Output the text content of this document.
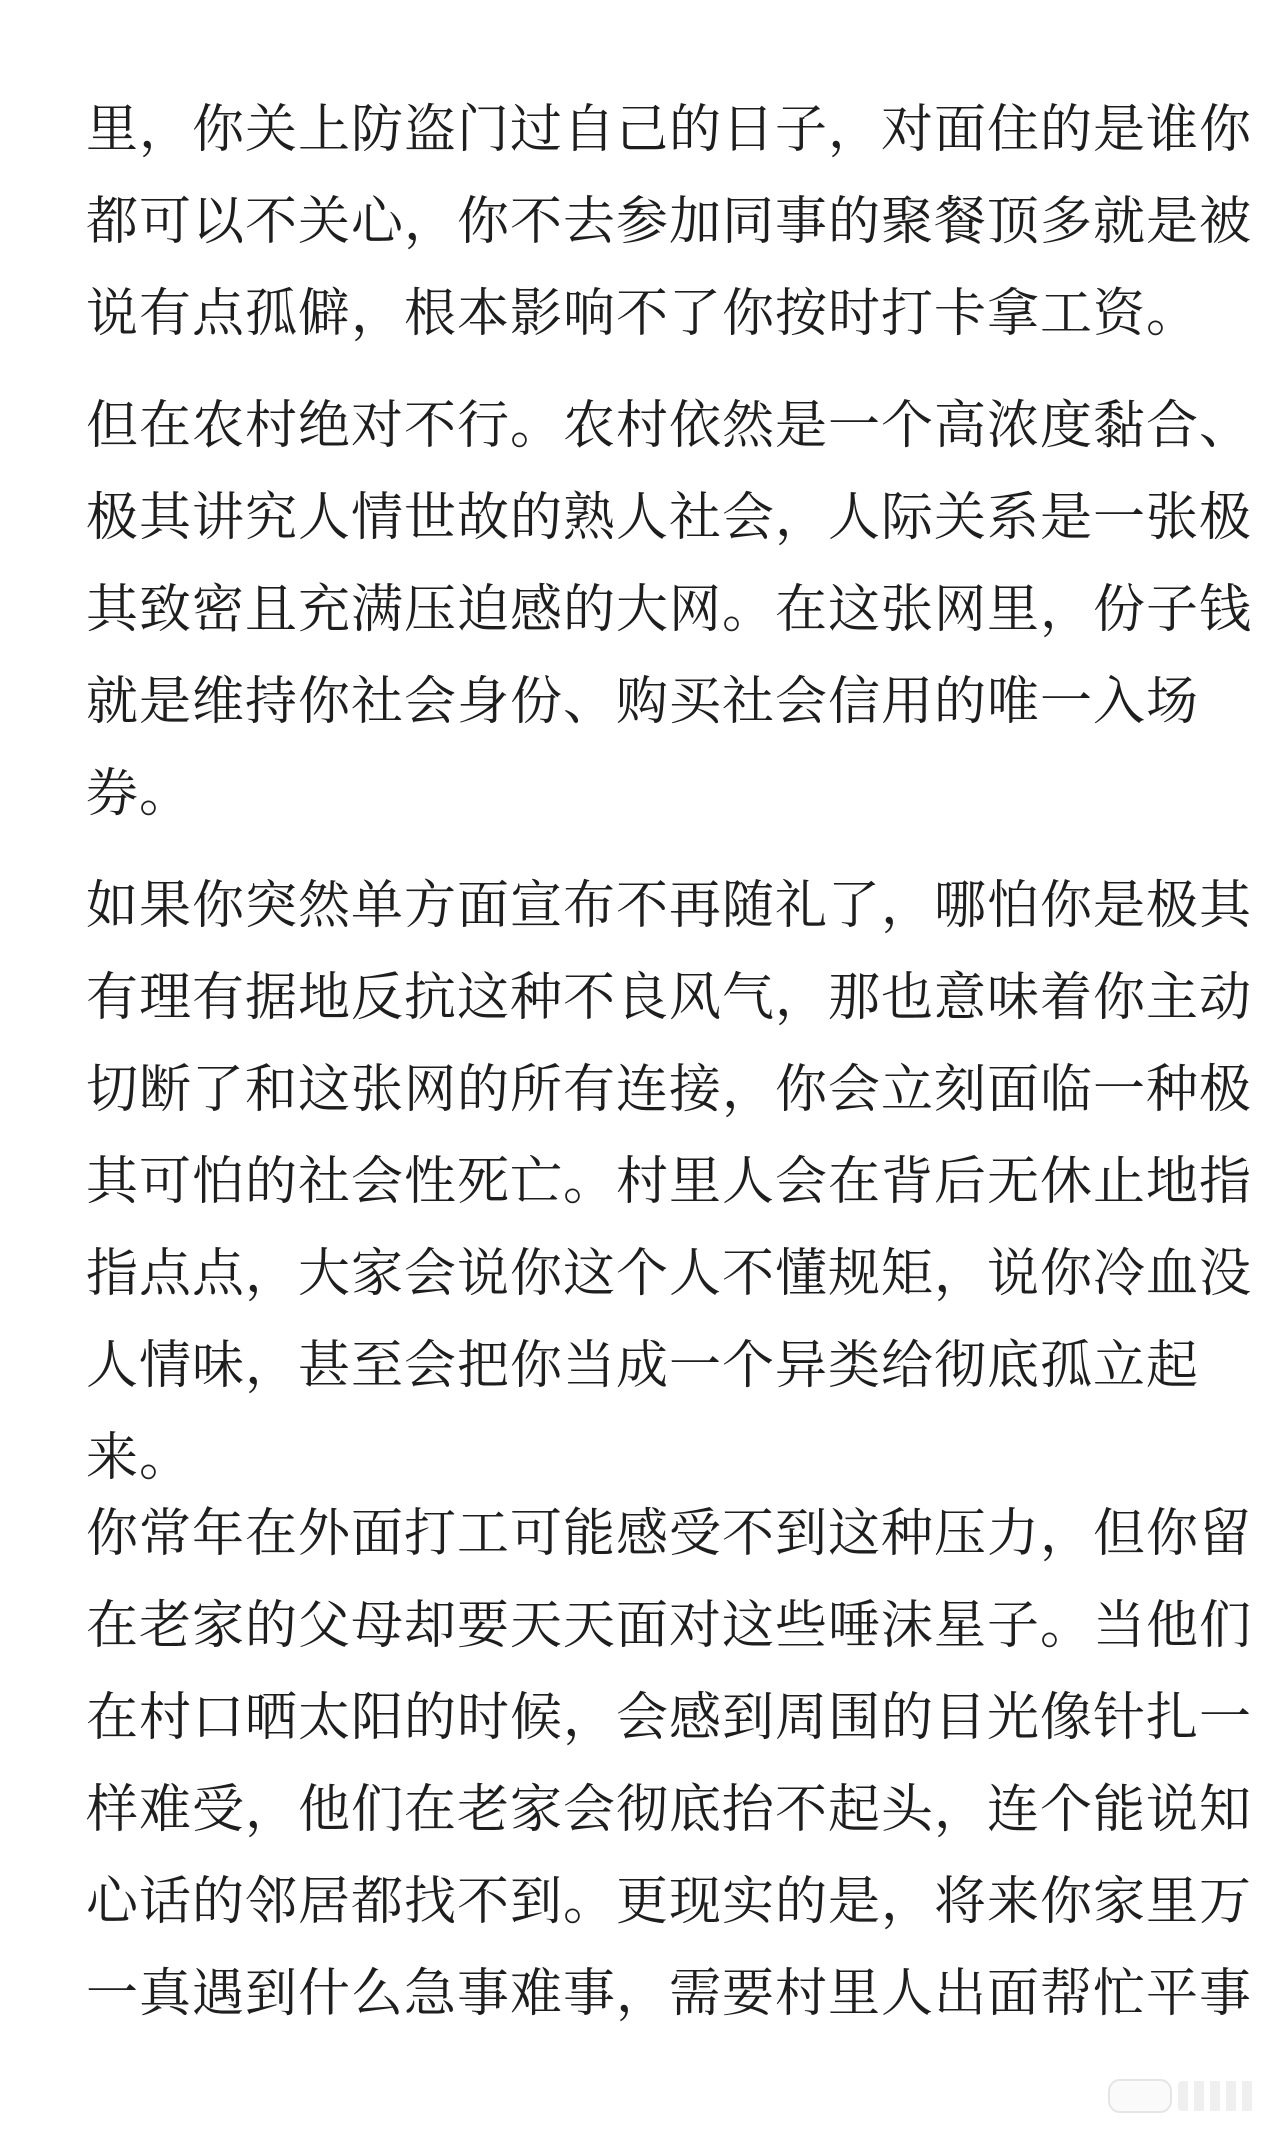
里，你关上防盗门过自己的日子，对面住的是谁你
都可以不关心，你不去参加同事的聚餐顶多就是被
说有点孤僻，根本影响不了你按时打卡拿工资。
但在农村绝对不行。农村依然是一个高浓度黏合、
极其讲究人情世故的熟人社会，人际关系是一张极
其致密且充满压迫感的大网。在这张网里，份子钱
就是维持你社会身份、购买社会信用的唯一入场
券。
如果你突然单方面宣布不再随礼了，哪怕你是极其
有理有据地反抗这种不良风气，那也意味着你主动
切断了和这张网的所有连接，你会立刻面临一种极
其可怕的社会性死亡。村里人会在背后无休止地指
指点点，大家会说你这个人不懂规矩，说你冷血没
人情味，甚至会把你当成一个异类给彻底孤立起
来。
你常年在外面打工可能感受不到这种压力，但你留
在老家的父母却要天天面对这些唾沫星子。当他们
在村口晒太阳的时候，会感到周围的目光像针扎一
样难受，他们在老家会彻底抬不起头，连个能说知
心话的邻居都找不到。更现实的是，将来你家里万
一真遇到什么急事难事，需要村里人出面帮忙平事
